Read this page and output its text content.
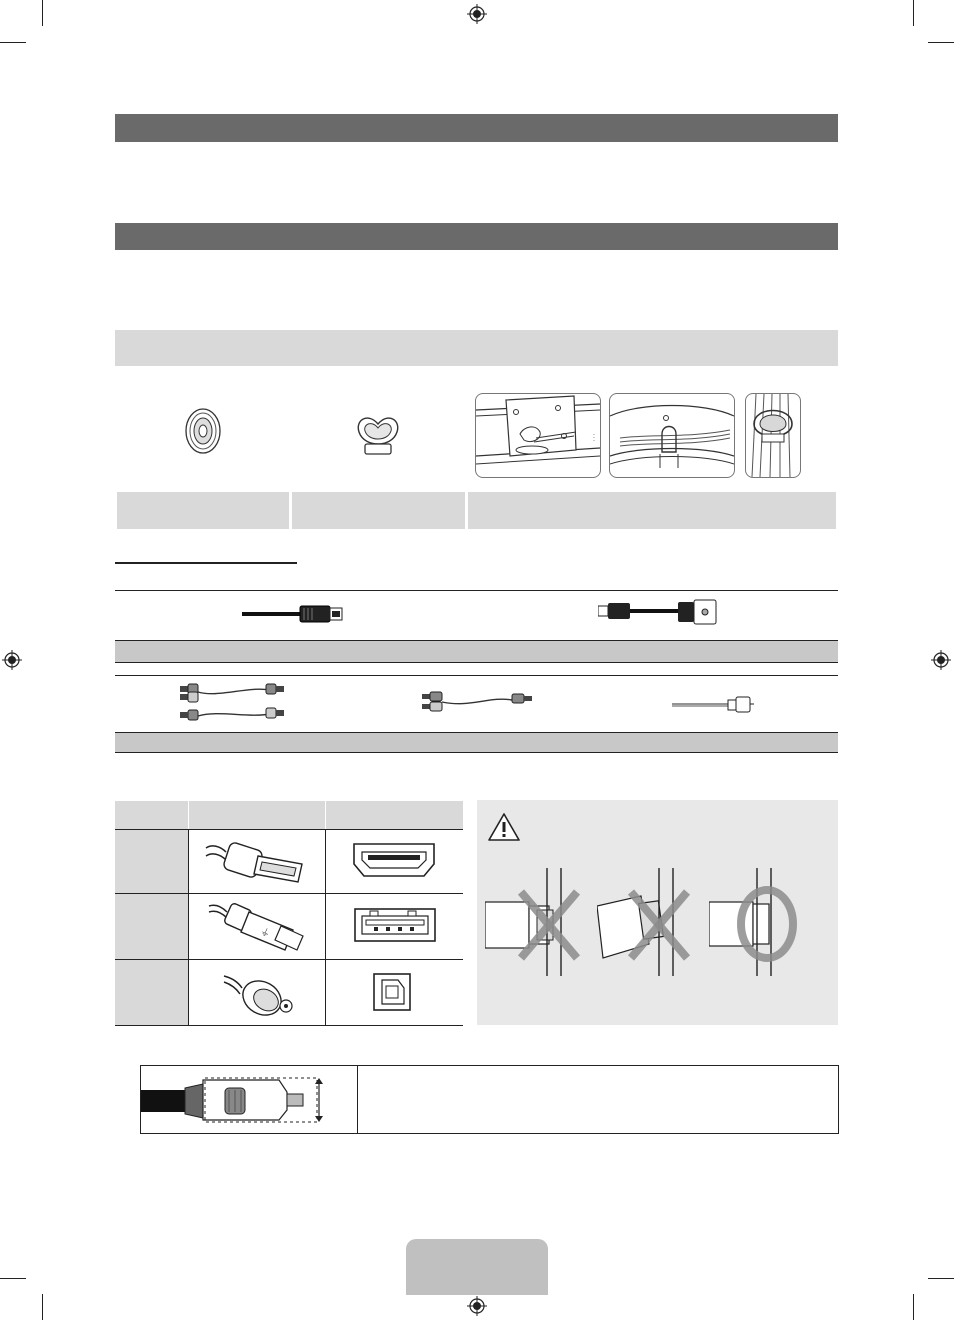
⏚
